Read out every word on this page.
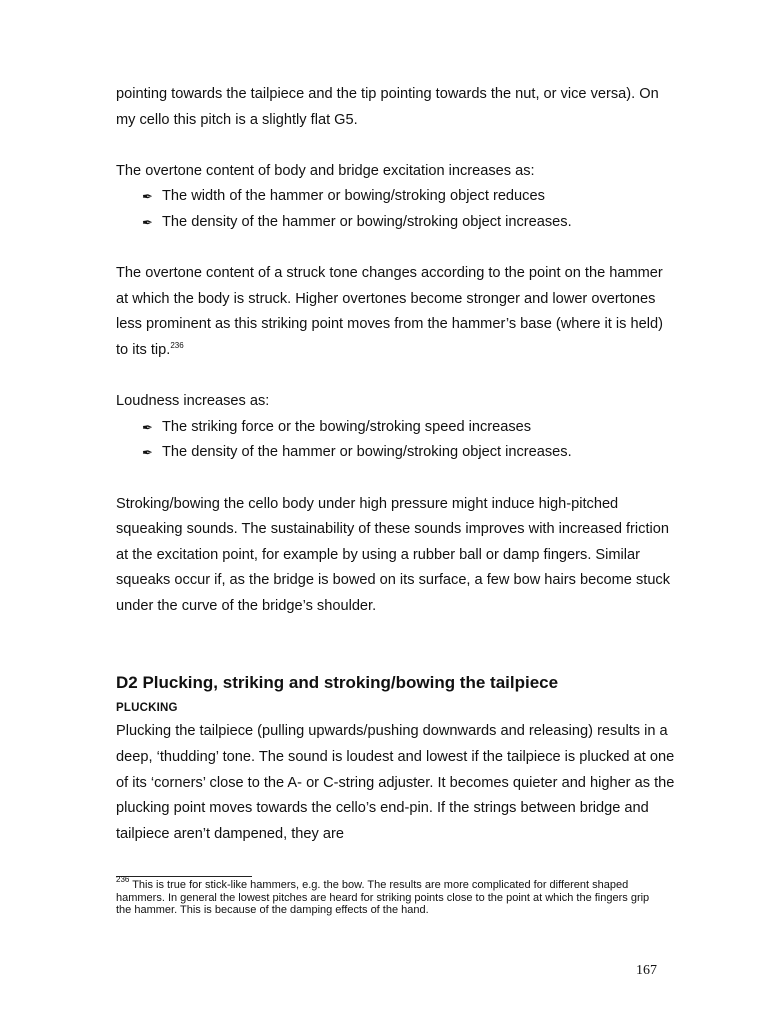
pointing towards the tailpiece and the tip pointing towards the nut, or vice versa). On my cello this pitch is a slightly flat G5.

The overtone content of body and bridge excitation increases as:

✒ The width of the hammer or bowing/stroking object reduces
✒ The density of the hammer or bowing/stroking object increases.

The overtone content of a struck tone changes according to the point on the hammer at which the body is struck. Higher overtones become stronger and lower overtones less prominent as this striking point moves from the hammer’s base (where it is held) to its tip.$^{236}$

Loudness increases as:

✒ The striking force or the bowing/stroking speed increases
✒ The density of the hammer or bowing/stroking object increases.

Stroking/bowing the cello body under high pressure might induce high-pitched squeaking sounds. The sustainability of these sounds improves with increased friction at the excitation point, for example by using a rubber ball or damp fingers. Similar squeaks occur if, as the bridge is bowed on its surface, a few bow hairs become stuck under the curve of the bridge’s shoulder.

D2 Plucking, striking and stroking/bowing the tailpiece
PLUCKING

Plucking the tailpiece (pulling upwards/pushing downwards and releasing) results in a deep, ‘thudding’ tone. The sound is loudest and lowest if the tailpiece is plucked at one of its ‘corners’ close to the A- or C-string adjuster. It becomes quieter and higher as the plucking point moves towards the cello’s end-pin. If the strings between bridge and tailpiece aren’t dampened, they are

$^{236}$ This is true for stick-like hammers, e.g. the bow. The results are more complicated for different shaped hammers. In general the lowest pitches are heard for striking points close to the point at which the fingers grip the hammer. This is because of the damping effects of the hand.
167
